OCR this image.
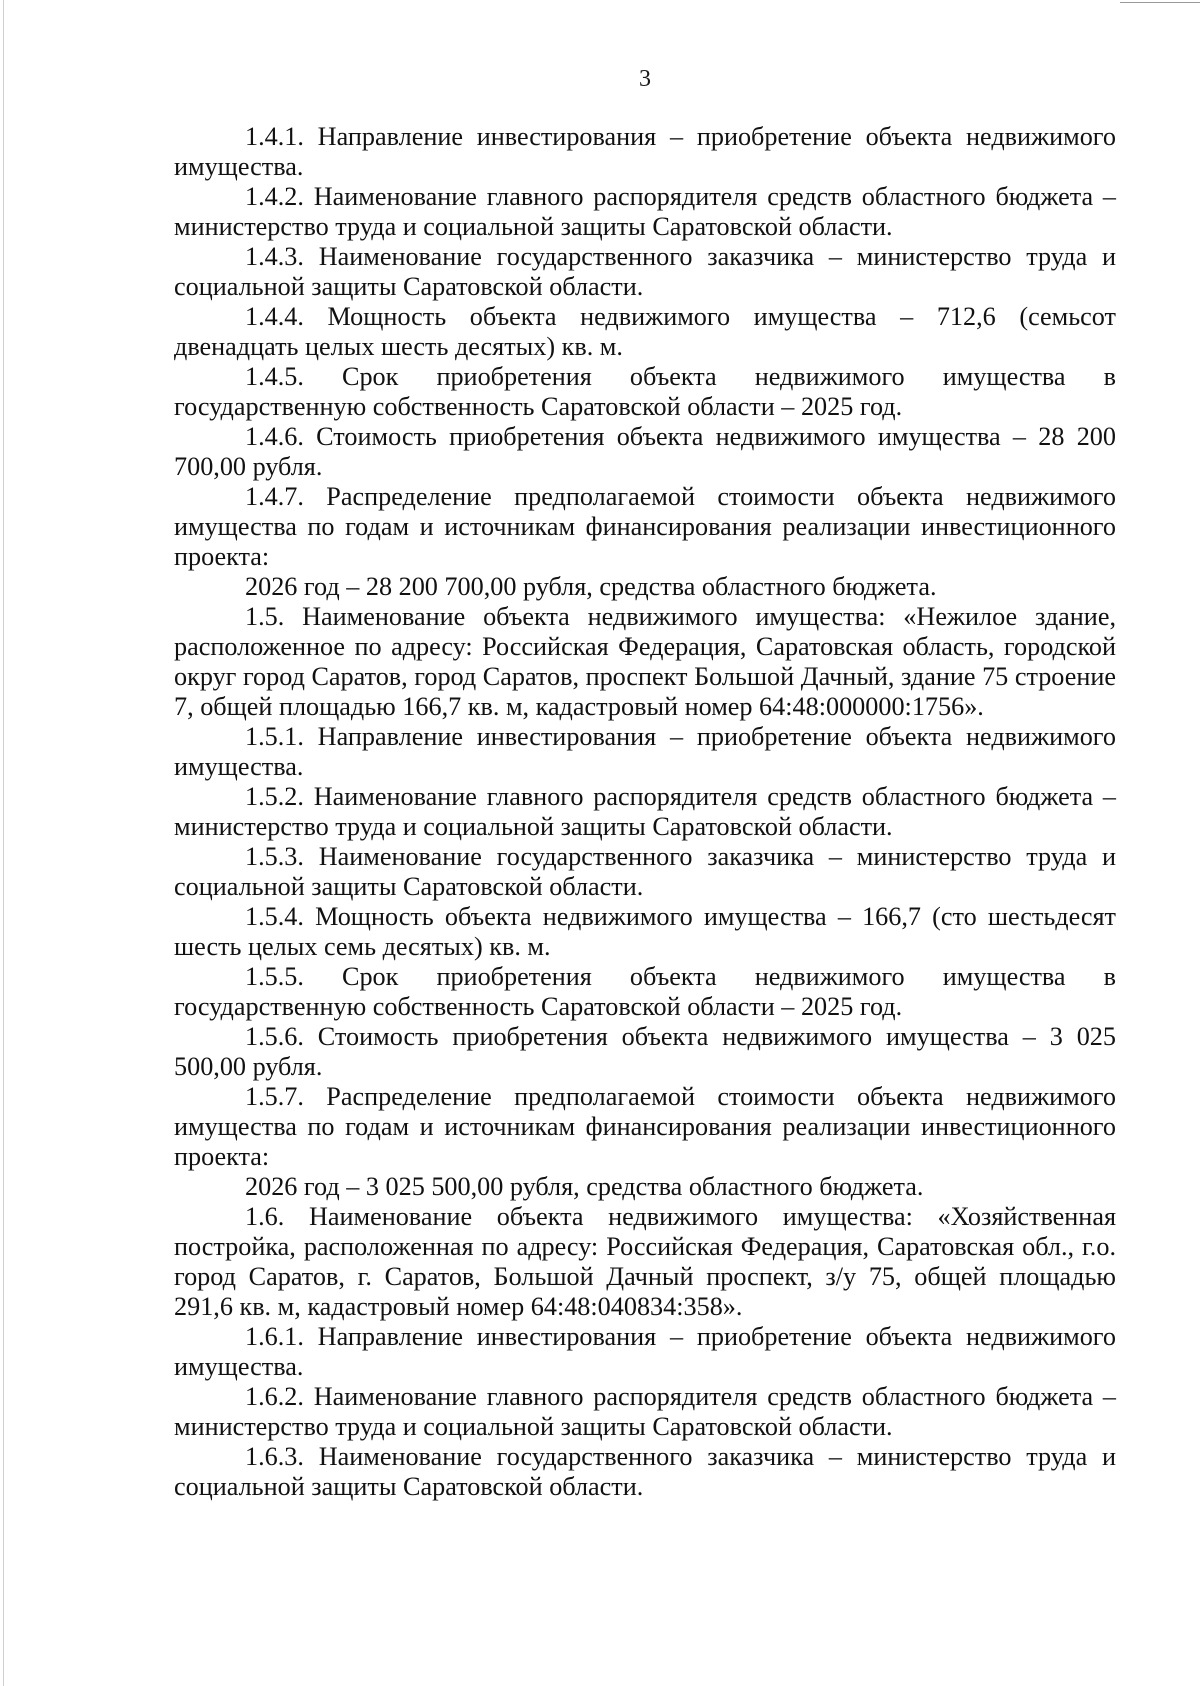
3

1.4.1. Направление инвестирования – приобретение объекта недвижимого имущества.

1.4.2. Наименование главного распорядителя средств областного бюджета – министерство труда и социальной защиты Саратовской области.

1.4.3. Наименование государственного заказчика – министерство труда и социальной защиты Саратовской области.

1.4.4. Мощность объекта недвижимого имущества – 712,6 (семьсот двенадцать целых шесть десятых) кв. м.

1.4.5. Срок приобретения объекта недвижимого имущества в государственную собственность Саратовской области – 2025 год.

1.4.6. Стоимость приобретения объекта недвижимого имущества – 28 200 700,00 рубля.

1.4.7. Распределение предполагаемой стоимости объекта недвижимого имущества по годам и источникам финансирования реализации инвестиционного проекта:

2026 год – 28 200 700,00 рубля, средства областного бюджета.

1.5. Наименование объекта недвижимого имущества: «Нежилое здание, расположенное по адресу: Российская Федерация, Саратовская область, городской округ город Саратов, город Саратов, проспект Большой Дачный, здание 75 строение 7, общей площадью 166,7 кв. м, кадастровый номер 64:48:000000:1756».

1.5.1. Направление инвестирования – приобретение объекта недвижимого имущества.

1.5.2. Наименование главного распорядителя средств областного бюджета – министерство труда и социальной защиты Саратовской области.

1.5.3. Наименование государственного заказчика – министерство труда и социальной защиты Саратовской области.

1.5.4. Мощность объекта недвижимого имущества – 166,7 (сто шестьдесят шесть целых семь десятых) кв. м.

1.5.5. Срок приобретения объекта недвижимого имущества в государственную собственность Саратовской области – 2025 год.

1.5.6. Стоимость приобретения объекта недвижимого имущества – 3 025 500,00 рубля.

1.5.7. Распределение предполагаемой стоимости объекта недвижимого имущества по годам и источникам финансирования реализации инвестиционного проекта:

2026 год – 3 025 500,00 рубля, средства областного бюджета.

1.6. Наименование объекта недвижимого имущества: «Хозяйственная постройка, расположенная по адресу: Российская Федерация, Саратовская обл., г.о. город Саратов, г. Саратов, Большой Дачный проспект, з/у 75, общей площадью 291,6 кв. м, кадастровый номер 64:48:040834:358».

1.6.1. Направление инвестирования – приобретение объекта недвижимого имущества.

1.6.2. Наименование главного распорядителя средств областного бюджета – министерство труда и социальной защиты Саратовской области.

1.6.3. Наименование государственного заказчика – министерство труда и социальной защиты Саратовской области.
